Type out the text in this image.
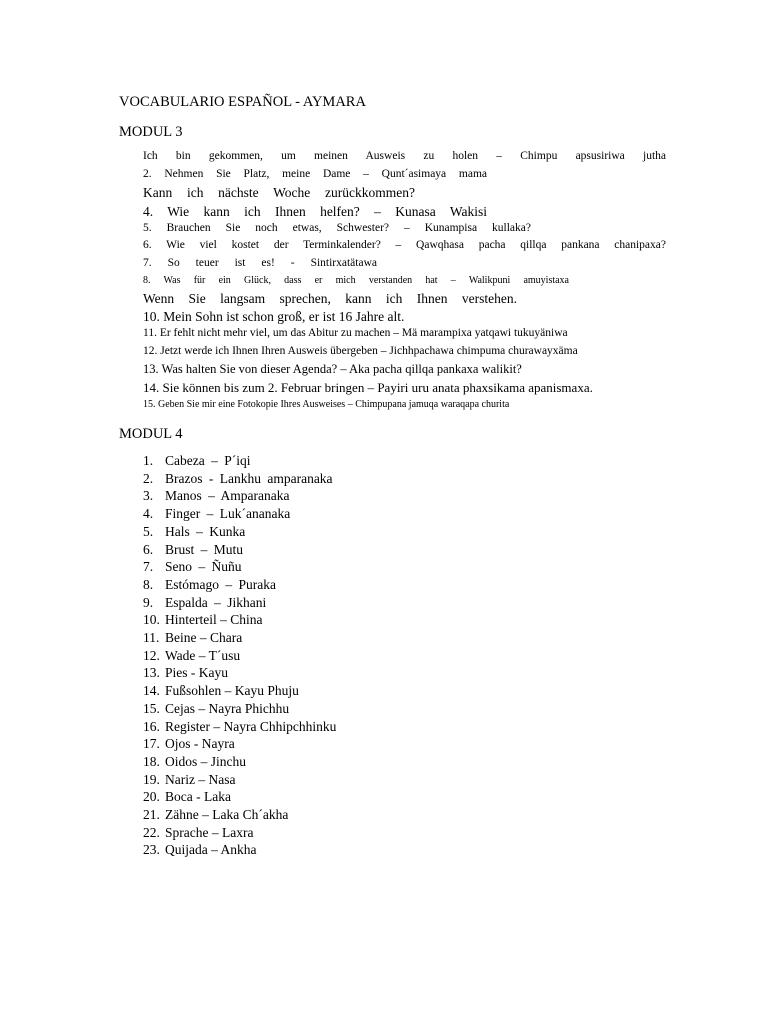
VOCABULARIO ESPAÑOL - AYMARA
MODUL 3
Ich bin gekommen, um meinen Ausweis zu holen – Chimpu apsusiriwa jutha
2. Nehmen Sie Platz, meine Dame – Qunt´asimaya mama
Kann ich nächste Woche zurückkommen?
4. Wie kann ich Ihnen helfen? – Kunasa Wakisi
5. Brauchen Sie noch etwas, Schwester? – Kunampisa kullaka?
6. Wie viel kostet der Terminkalender? – Qawqhasa pacha qillqa pankana chanipaxa?
7. So teuer ist es! - Sintirxatätawa
8. Was für ein Glück, dass er mich verstanden hat – Walikpuni amuyistaxa
Wenn Sie langsam sprechen, kann ich Ihnen verstehen.
10. Mein Sohn ist schon groß, er ist 16 Jahre alt.
11. Er fehlt nicht mehr viel, um das Abitur zu machen – Mä marampixa yatqawi tukuyäniwa
12. Jetzt werde ich Ihnen Ihren Ausweis übergeben – Jichhpachawa chimpuma churawayxäma
13. Was halten Sie von dieser Agenda? – Aka pacha qillqa pankaxa walikit?
14. Sie können bis zum 2. Februar bringen – Payiri uru anata phaxsikama apanismaxa.
15. Geben Sie mir eine Fotokopie Ihres Ausweises – Chimpupana jamuqa waraqapa churita
MODUL 4
1. Cabeza – P´iqi
2. Brazos - Lankhu amparanaka
3. Manos – Amparanaka
4. Finger – Luk´ananaka
5. Hals – Kunka
6. Brust – Mutu
7. Seno – Ñuñu
8. Estómago – Puraka
9. Espalda – Jikhani
10. Hinterteil – China
11. Beine – Chara
12. Wade – T´usu
13. Pies - Kayu
14. Fußsohlen – Kayu Phuju
15. Cejas – Nayra Phichhu
16. Register – Nayra Chhipchhinku
17. Ojos - Nayra
18. Oidos – Jinchu
19. Nariz – Nasa
20. Boca - Laka
21. Zähne – Laka Ch´akha
22. Sprache – Laxra
23. Quijada – Ankha
